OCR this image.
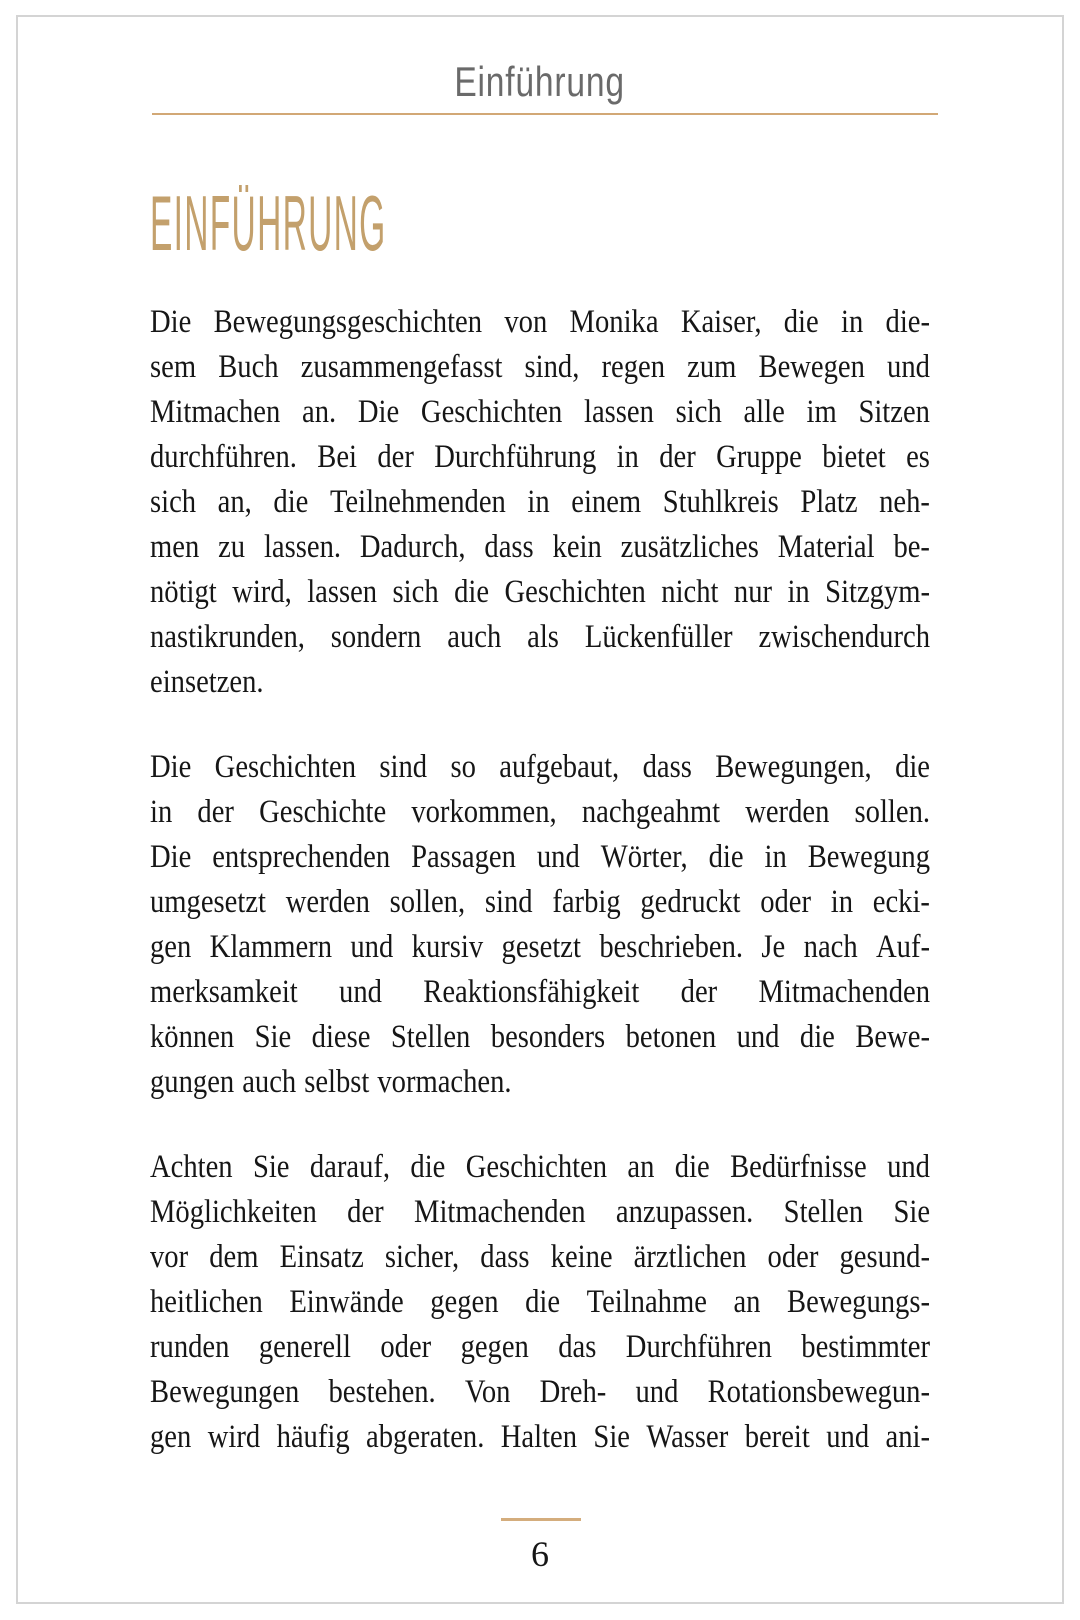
Einführung
EINFÜHRUNG
Die Bewegungsgeschichten von Monika Kaiser, die in die-
sem Buch zusammengefasst sind, regen zum Bewegen und
Mitmachen an. Die Geschichten lassen sich alle im Sitzen
durchführen. Bei der Durchführung in der Gruppe bietet es
sich an, die Teilnehmenden in einem Stuhlkreis Platz neh-
men zu lassen. Dadurch, dass kein zusätzliches Material be-
nötigt wird, lassen sich die Geschichten nicht nur in Sitzgym-
nastikrunden, sondern auch als Lückenfüller zwischendurch
einsetzen.
Die Geschichten sind so aufgebaut, dass Bewegungen, die
in der Geschichte vorkommen, nachgeahmt werden sollen.
Die entsprechenden Passagen und Wörter, die in Bewegung
umgesetzt werden sollen, sind farbig gedruckt oder in ecki-
gen Klammern und kursiv gesetzt beschrieben. Je nach Auf-
merksamkeit und Reaktionsfähigkeit der Mitmachenden
können Sie diese Stellen besonders betonen und die Bewe-
gungen auch selbst vormachen.
Achten Sie darauf, die Geschichten an die Bedürfnisse und
Möglichkeiten der Mitmachenden anzupassen. Stellen Sie
vor dem Einsatz sicher, dass keine ärztlichen oder gesund-
heitlichen Einwände gegen die Teilnahme an Bewegungs-
runden generell oder gegen das Durchführen bestimmter
Bewegungen bestehen. Von Dreh- und Rotationsbewegun-
gen wird häufig abgeraten. Halten Sie Wasser bereit und ani-
6
